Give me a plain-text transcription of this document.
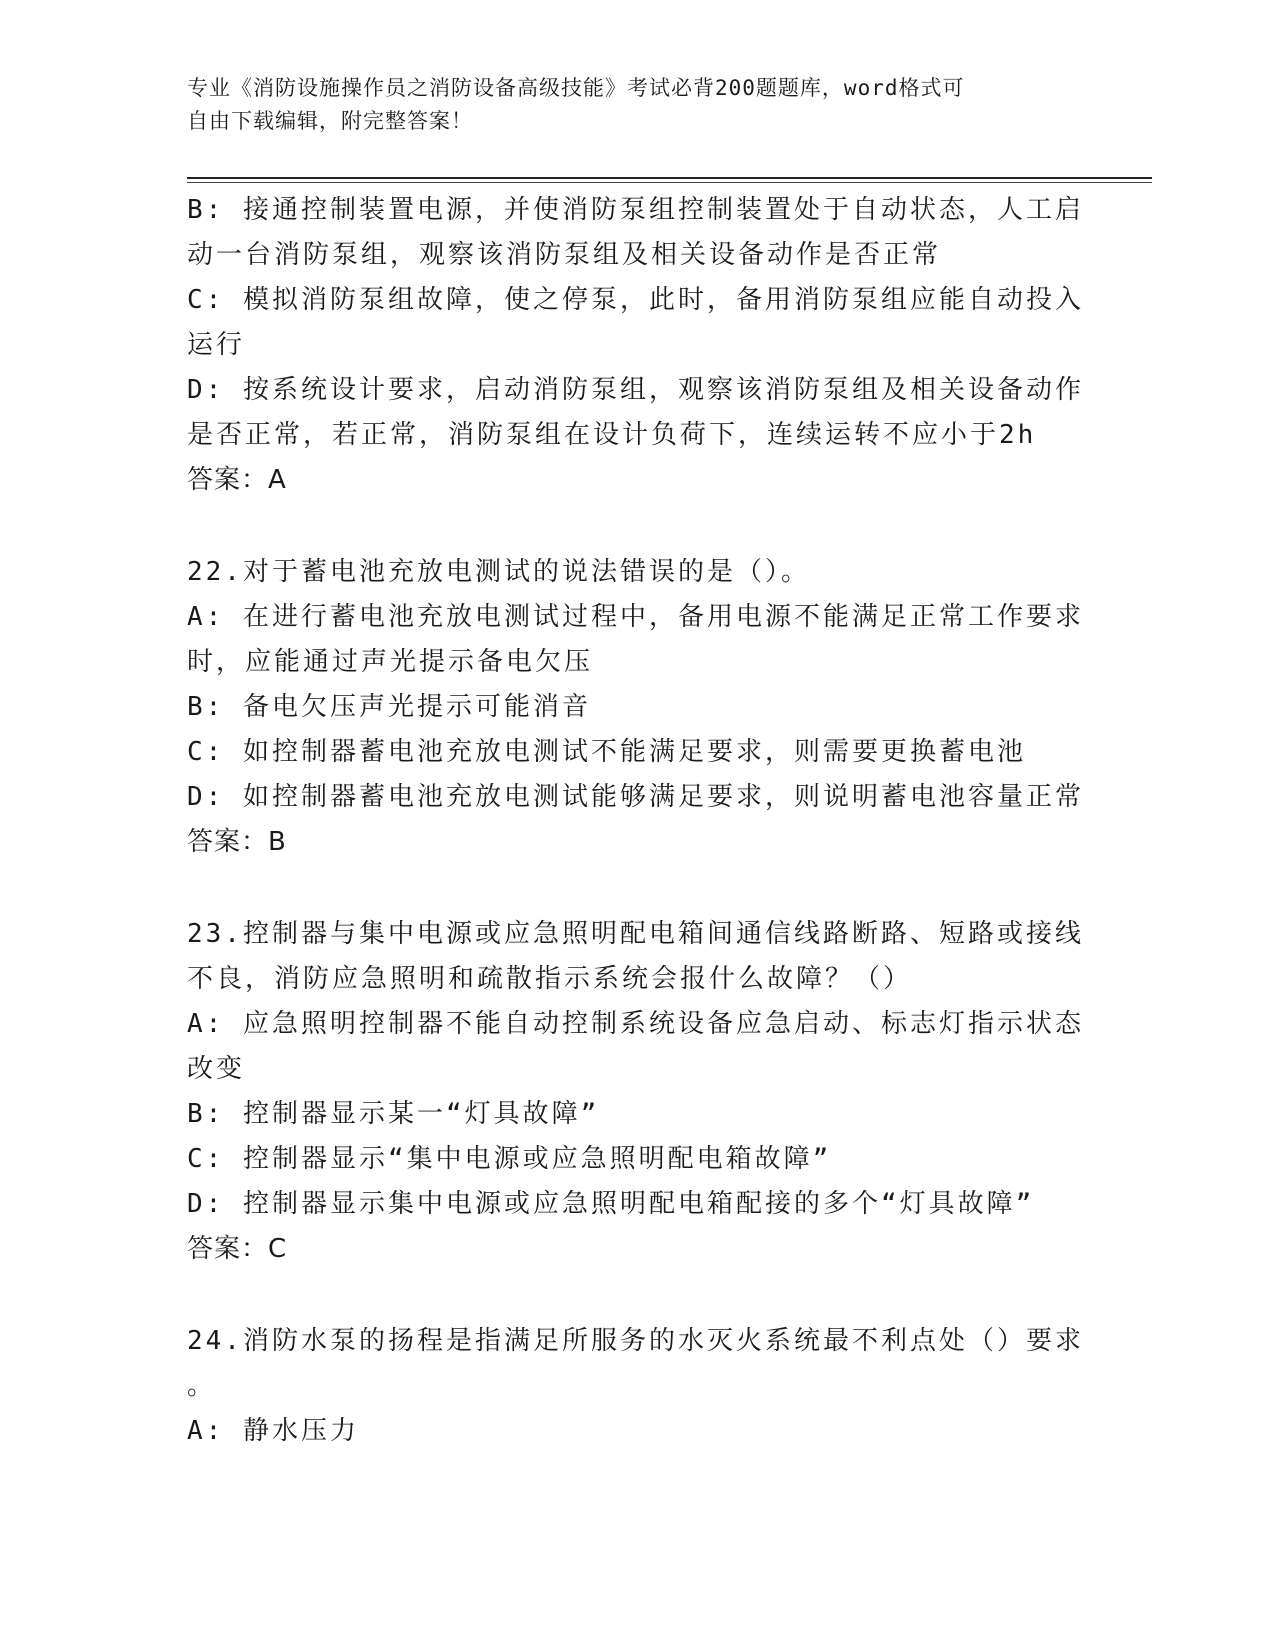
专业《消防设施操作员之消防设备高级技能》考试必背200题题库，word格式可
自由下载编辑，附完整答案！

B: 接通控制装置电源，并使消防泵组控制装置处于自动状态，人工启

动一台消防泵组，观察该消防泵组及相关设备动作是否正常

C: 模拟消防泵组故障，使之停泵，此时，备用消防泵组应能自动投入

运行

D: 按系统设计要求，启动消防泵组，观察该消防泵组及相关设备动作

是否正常，若正常，消防泵组在设计负荷下，连续运转不应小于2h

答案：A

22.对于蓄电池充放电测试的说法错误的是（）。

A: 在进行蓄电池充放电测试过程中，备用电源不能满足正常工作要求

时，应能通过声光提示备电欠压

B: 备电欠压声光提示可能消音

C: 如控制器蓄电池充放电测试不能满足要求，则需要更换蓄电池

D: 如控制器蓄电池充放电测试能够满足要求，则说明蓄电池容量正常

答案：B

23.控制器与集中电源或应急照明配电箱间通信线路断路、短路或接线

不良，消防应急照明和疏散指示系统会报什么故障？（）

A: 应急照明控制器不能自动控制系统设备应急启动、标志灯指示状态

改变

B: 控制器显示某一“灯具故障”

C: 控制器显示“集中电源或应急照明配电箱故障”

D: 控制器显示集中电源或应急照明配电箱配接的多个“灯具故障”

答案：C

24.消防水泵的扬程是指满足所服务的水灭火系统最不利点处（）要求

。

A: 静水压力
